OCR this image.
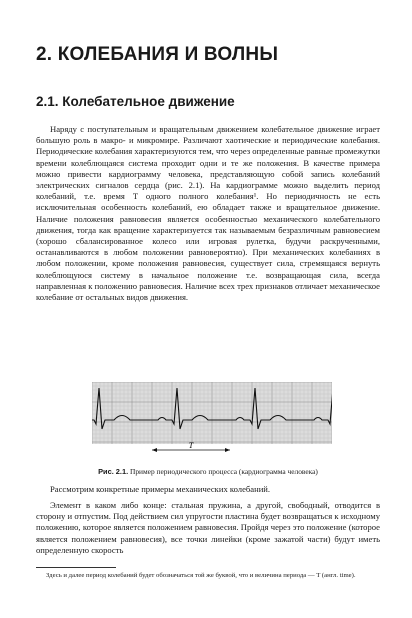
2. КОЛЕБАНИЯ И ВОЛНЫ
2.1. Колебательное движение

Наряду с поступательным и вращательным движением колебательное движение играет большую роль в макро- и микромире. Различают хаотические и периодические колебания. Периодические колебания характеризуются тем, что через определенные равные промежутки времени колеблющаяся система проходит одни и те же положения. В качестве примера можно привести кардиограмму человека, представляющую собой запись колебаний электрических сигналов сердца (рис. 2.1). На кардиограмме можно выделить период колебаний, т.е. время T одного полного колебания¹. Но периодичность не есть исключительная особенность колебаний, ею обладает также и вращательное движение. Наличие положения равновесия является особенностью механического колебательного движения, тогда как вращение характеризуется так называемым безразличным равновесием (хорошо сбалансированное колесо или игровая рулетка, будучи раскрученными, останавливаются в любом положении равновероятно). При механических колебаниях в любом положении, кроме положения равновесия, существует сила, стремящаяся вернуть колеблющуюся систему в начальное положение т.е. возвращающая сила, всегда направленная к положению равновесия. Наличие всех трех признаков отличает механическое колебание от остальных видов движения.

T
Рис. 2.1. Пример периодического процесса (кардиограмма человека)

Рассмотрим конкретные примеры механических колебаний.

Элемент в каком либо конце: стальная пружина, а другой, свободный, отводится в сторону и отпустим. Под действием сил упругости пластина будет возвращаться к исходному положению, которое является положением равновесия. Пройдя через это положение (которое является положением равновесия), все точки линейки (кроме зажатой части) будут иметь определенную скорость

Здесь и далее период колебаний будет обозначаться той же буквой, что и величина периода — T (англ. time).
